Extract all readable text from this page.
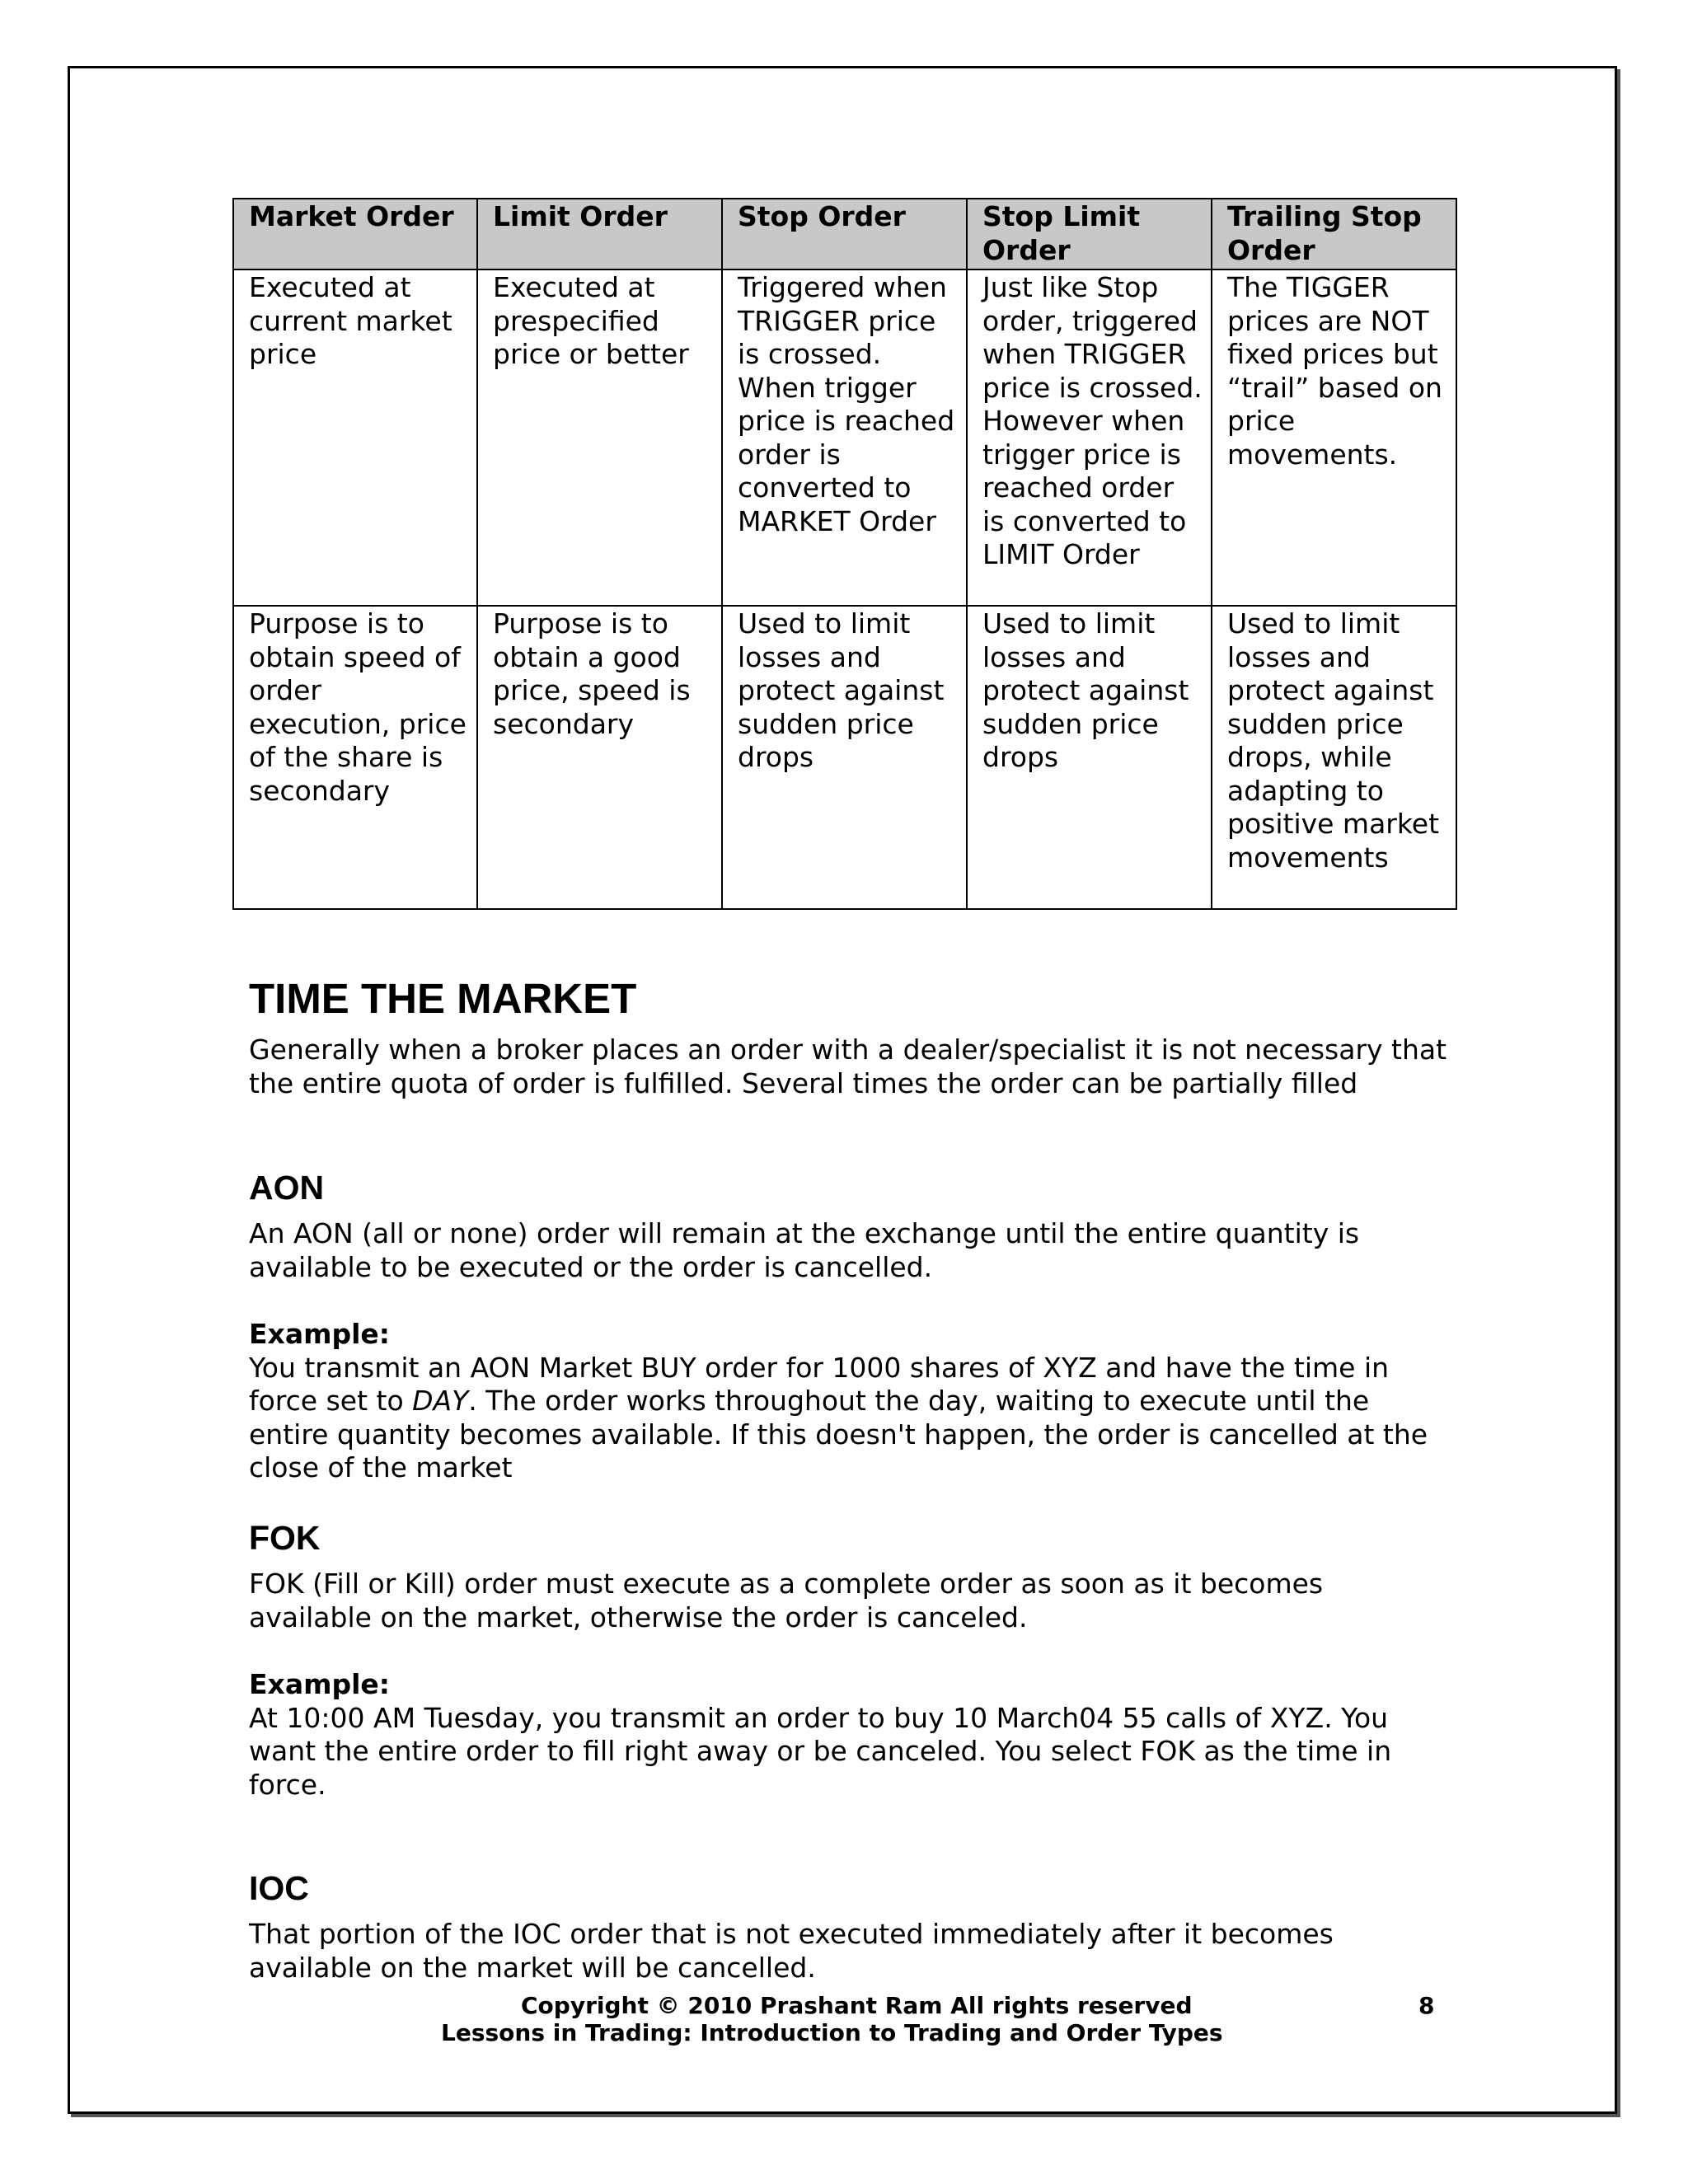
Market Order	Limit Order	Stop Order	Stop Limit Order	Trailing Stop Order
Executed at current market price	Executed at prespecified price or better	Triggered when TRIGGER price is crossed. When trigger price is reached order is converted to MARKET Order	Just like Stop order, triggered when TRIGGER price is crossed. However when trigger price is reached order is converted to LIMIT Order	The TIGGER prices are NOT fixed prices but “trail” based on price movements.
Purpose is to obtain speed of order execution, price of the share is secondary	Purpose is to obtain a good price, speed is secondary	Used to limit losses and protect against sudden price drops	Used to limit losses and protect against sudden price drops	Used to limit losses and protect against sudden price drops, while adapting to positive market movements
TIME THE MARKET

Generally when a broker places an order with a dealer/specialist it is not necessary that the entire quota of order is fulfilled. Several times the order can be partially filled

AON

An AON (all or none) order will remain at the exchange until the entire quantity is available to be executed or the order is cancelled.

Example:
You transmit an AON Market BUY order for 1000 shares of XYZ and have the time in force set to DAY. The order works throughout the day, waiting to execute until the entire quantity becomes available. If this doesn't happen, the order is cancelled at the close of the market

FOK

FOK (Fill or Kill) order must execute as a complete order as soon as it becomes available on the market, otherwise the order is canceled.

Example:
At 10:00 AM Tuesday, you transmit an order to buy 10 March04 55 calls of XYZ. You want the entire order to fill right away or be canceled. You select FOK as the time in force.

IOC

That portion of the IOC order that is not executed immediately after it becomes available on the market will be cancelled.

Copyright © 2010 Prashant Ram All rights reserved	8
Lessons in Trading: Introduction to Trading and Order Types
